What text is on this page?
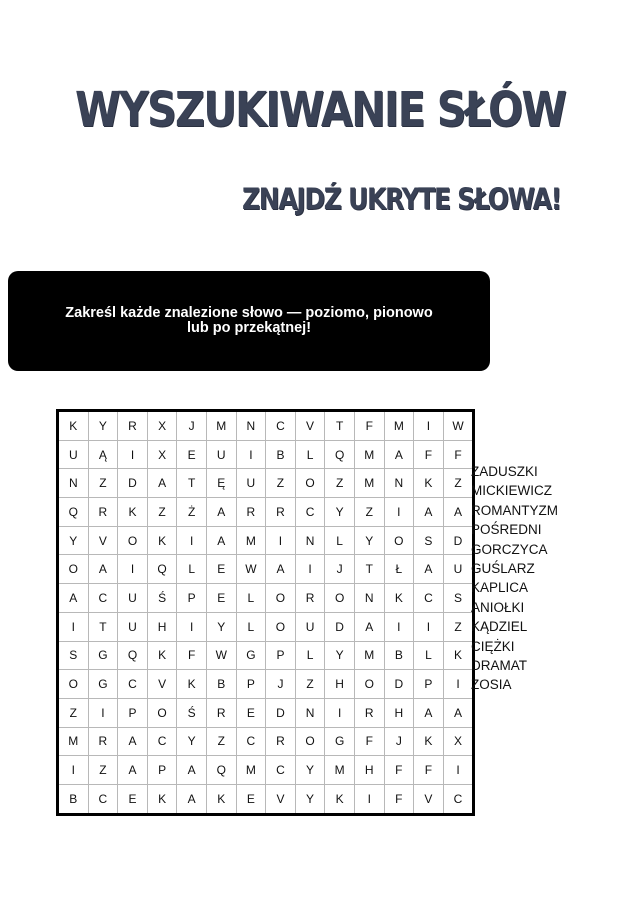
WYSZUKIWANIE SŁÓW
ZNAJDŹ UKRYTE SŁOWA!
Zakreśl każde znalezione słowo — poziomo, pionowo lub po przekątnej!
K	Y	R	X	J	M	N	C	V	T	F	M	I	W
U	Ą	I	X	E	U	I	B	L	Q	M	A	F	F
N	Z	D	A	T	Ę	U	Z	O	Z	M	N	K	Z
Q	R	K	Z	Ż	A	R	R	C	Y	Z	I	A	A
Y	V	O	K	I	A	M	I	N	L	Y	O	S	D
O	A	I	Q	L	E	W	A	I	J	T	Ł	A	U
A	C	U	Ś	P	E	L	O	R	O	N	K	C	S
I	T	U	H	I	Y	L	O	U	D	A	I	I	Z
S	G	Q	K	F	W	G	P	L	Y	M	B	L	K
O	G	C	V	K	B	P	J	Z	H	O	D	P	I
Z	I	P	O	Ś	R	E	D	N	I	R	H	A	A
M	R	A	C	Y	Z	C	R	O	G	F	J	K	X
I	Z	A	P	A	Q	M	C	Y	M	H	F	F	I
B	C	E	K	A	K	E	V	Y	K	I	F	V	C
ZADUSZKI
MICKIEWICZ
ROMANTYZM
POŚREDNI
GORCZYCA
GUŚLARZ
KAPLICA
ANIOŁKI
KĄDZIEL
CIĘŻKI
DRAMAT
ZOSIA
